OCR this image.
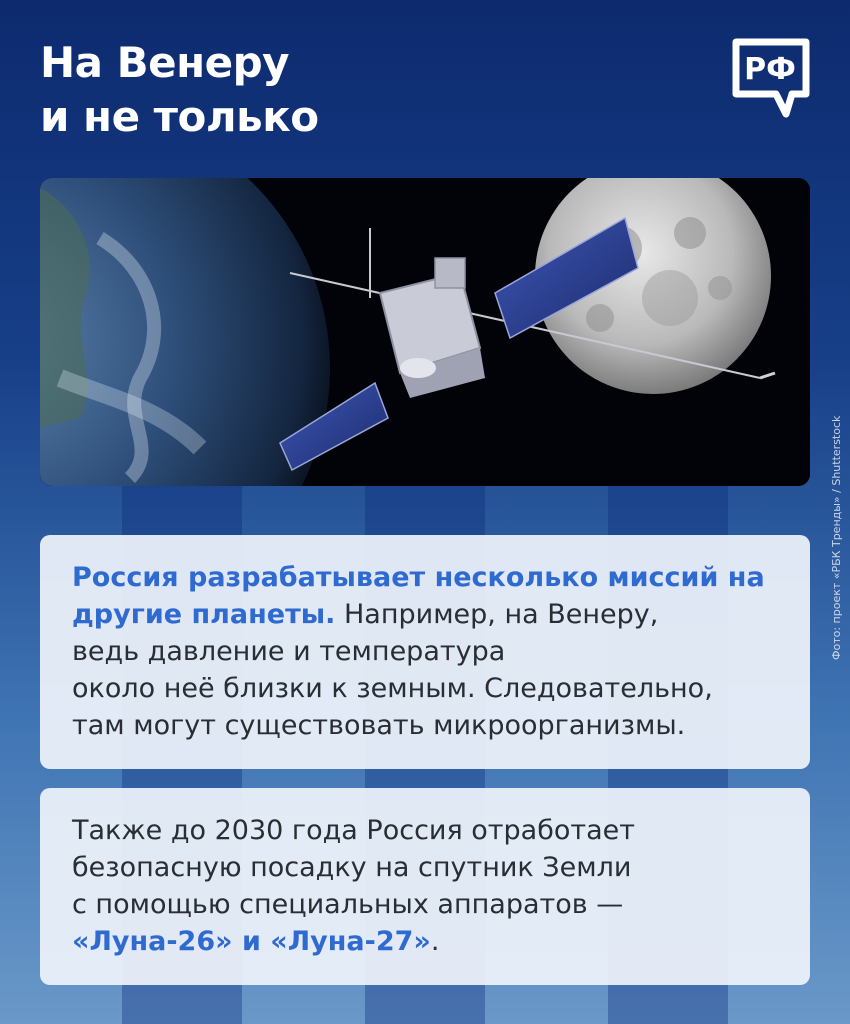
На Венеру
и не только
РФ
Фото: проект «РБК Тренды» / Shutterstock
Россия разрабатывает несколько миссий на другие планеты. Например, на Венеру,
ведь давление и температура
около неё близки к земным. Следовательно,
там могут существовать микроорганизмы.
Также до 2030 года Россия отработает
безопасную посадку на спутник Земли
с помощью специальных аппаратов —
«Луна-26» и «Луна-27».
